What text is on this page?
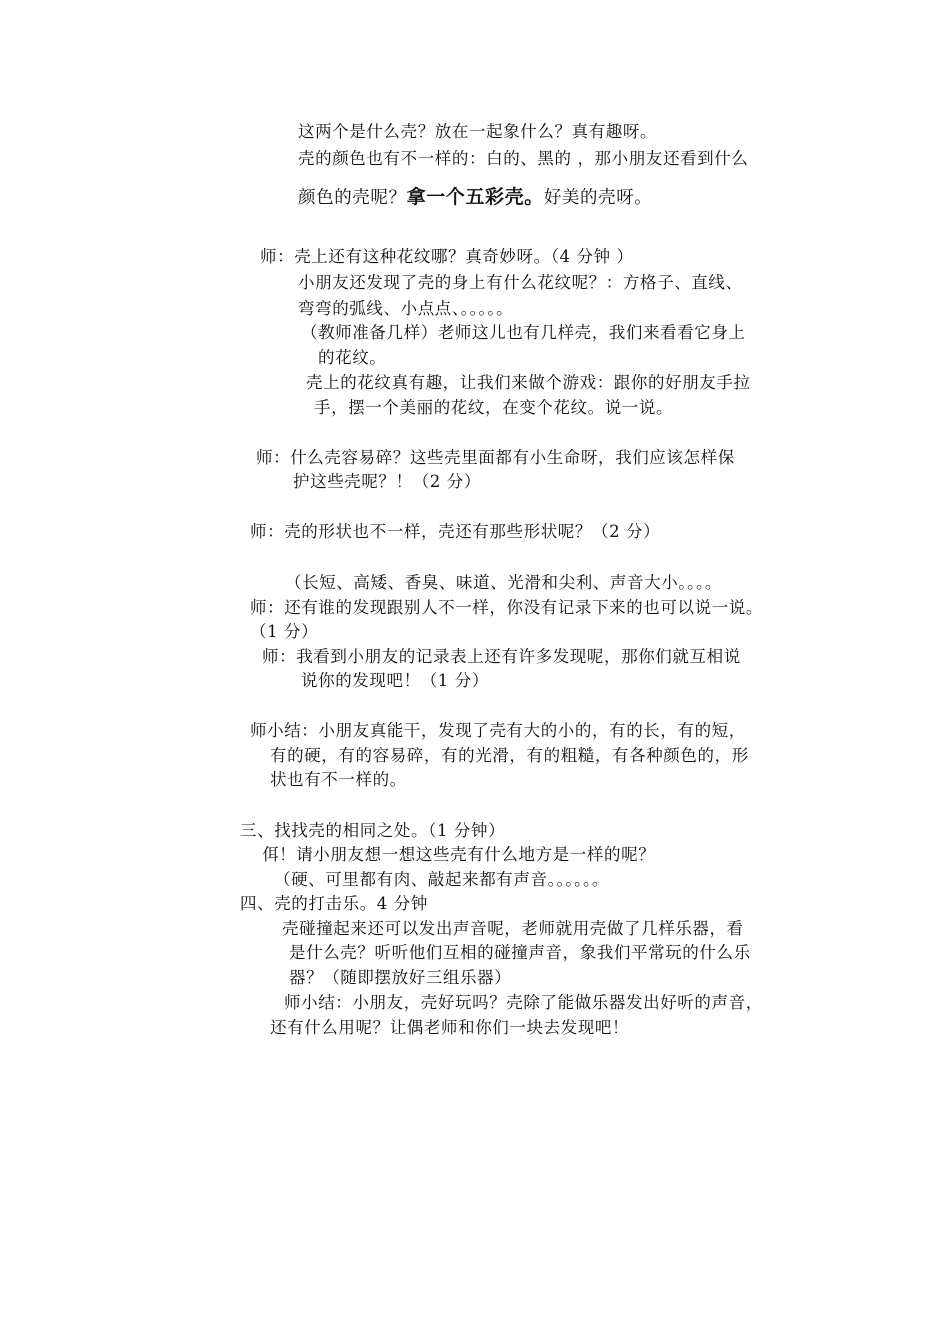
这两个是什么壳？放在一起象什么？真有趣呀。
壳的颜色也有不一样的：白的、黑的 ，那小朋友还看到什么
颜色的壳呢？拿一个五彩壳。好美的壳呀。
师：壳上还有这种花纹哪？真奇妙呀。（4 分钟 ）
小朋友还发现了壳的身上有什么花纹呢？：方格子、直线、
弯弯的弧线、小点点、。。。。。
（教师准备几样）老师这儿也有几样壳，我们来看看它身上
的花纹。
壳上的花纹真有趣，让我们来做个游戏：跟你的好朋友手拉
手，摆一个美丽的花纹，在变个花纹。说一说。
师：什么壳容易碎？这些壳里面都有小生命呀，我们应该怎样保
护这些壳呢？！（2 分）
师：壳的形状也不一样，壳还有那些形状呢？（2 分）
（长短、高矮、香臭、味道、光滑和尖利、声音大小。。。。
师：还有谁的发现跟别人不一样，你没有记录下来的也可以说一说。
（1 分）
师：我看到小朋友的记录表上还有许多发现呢，那你们就互相说
说你的发现吧！（1 分）
师小结：小朋友真能干，发现了壳有大的小的，有的长，有的短，
有的硬，有的容易碎，有的光滑，有的粗糙，有各种颜色的，形
状也有不一样的。
三、找找壳的相同之处。（1 分钟）
佴！请小朋友想一想这些壳有什么地方是一样的呢？
（硬、可里都有肉、敲起来都有声音。。。。。。
四、壳的打击乐。4 分钟
壳碰撞起来还可以发出声音呢，老师就用壳做了几样乐器，看
是什么壳？听听他们互相的碰撞声音，象我们平常玩的什么乐
器？（随即摆放好三组乐器）
师小结：小朋友，壳好玩吗？壳除了能做乐器发出好听的声音，
还有什么用呢？让偶老师和你们一块去发现吧！
